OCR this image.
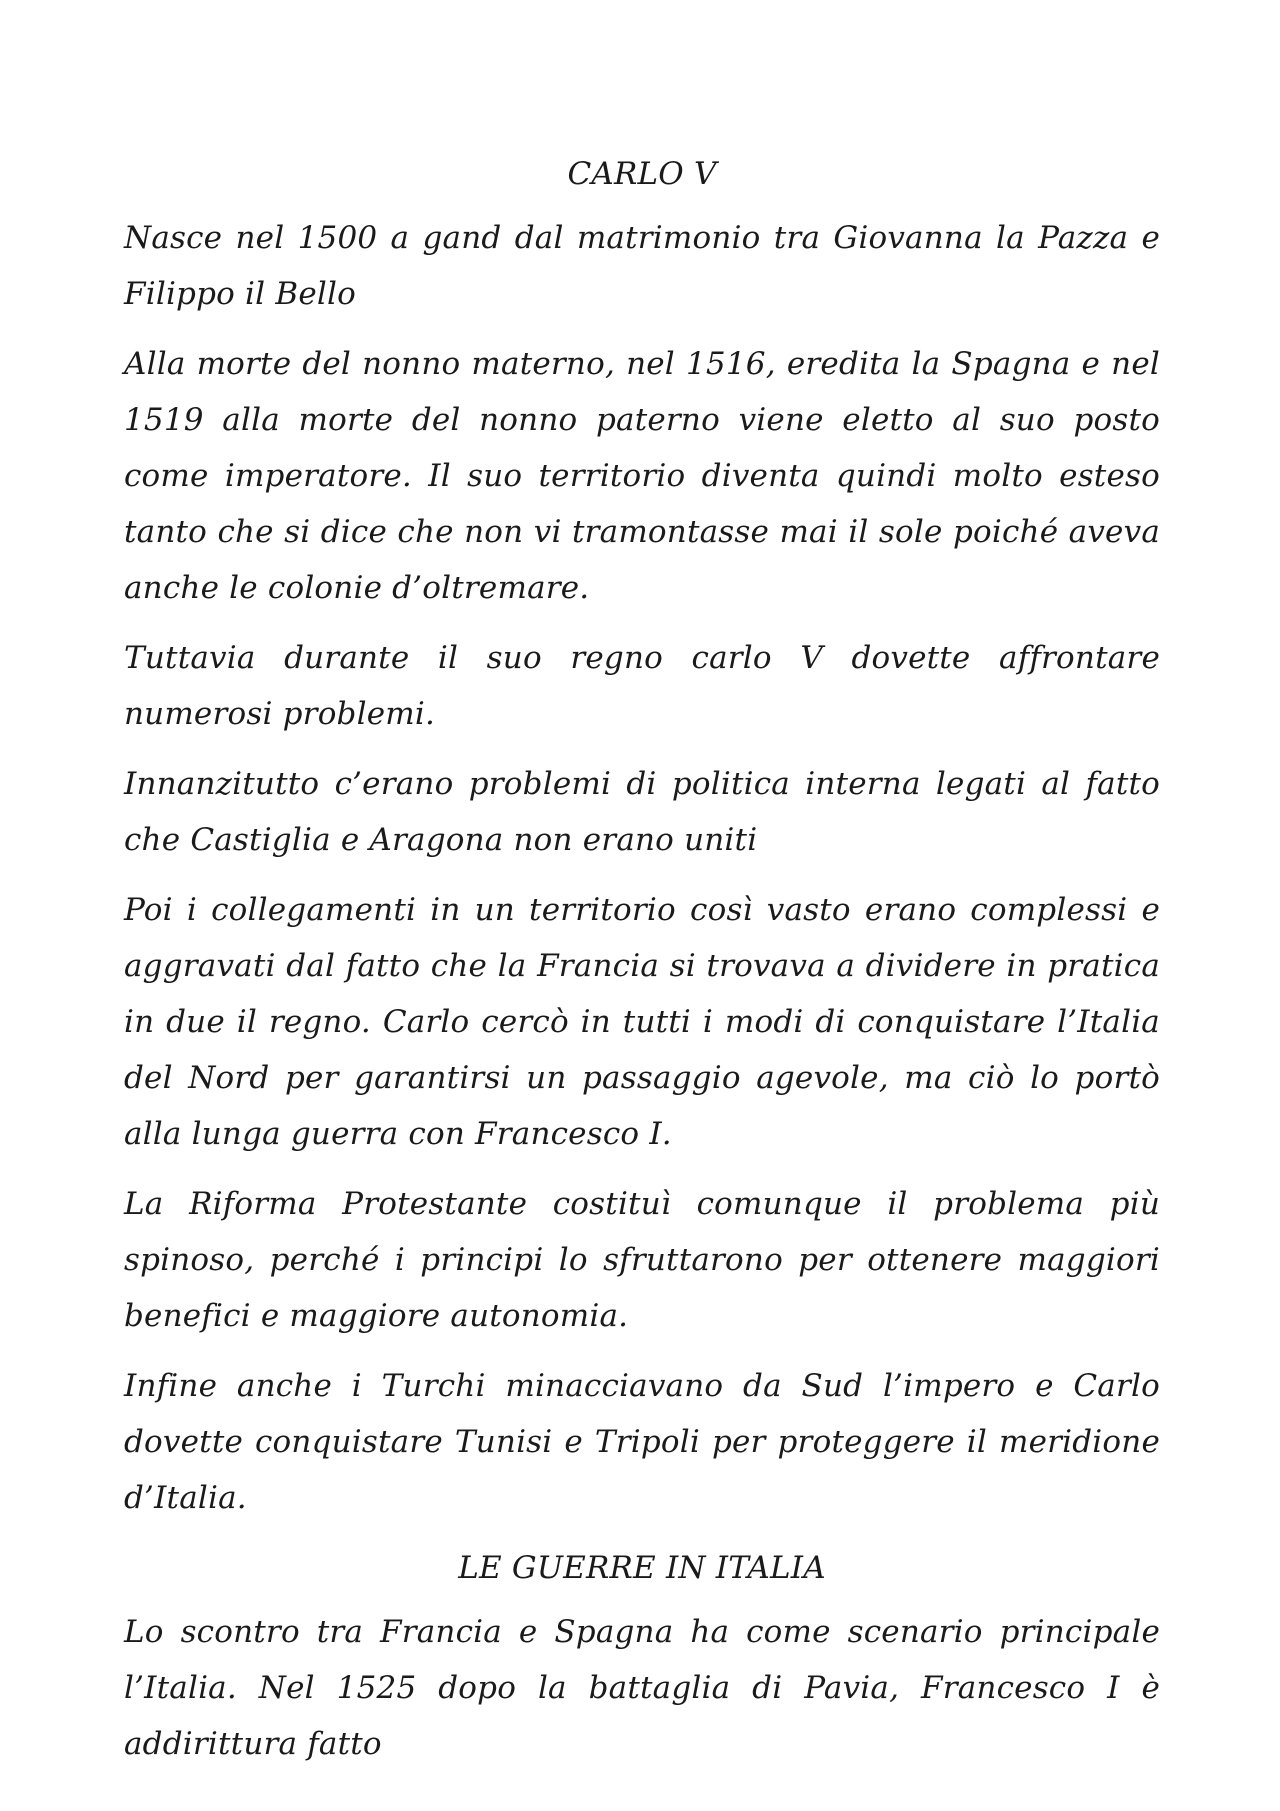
CARLO V

Nasce nel 1500 a gand dal matrimonio tra Giovanna la Pazza e Filippo il Bello

Alla morte del nonno materno, nel 1516, eredita la Spagna e nel 1519 alla morte del nonno paterno viene eletto al suo posto come imperatore. Il suo territorio diventa quindi molto esteso tanto che si dice che non vi tramontasse mai il sole poiché aveva anche le colonie d’oltremare.

Tuttavia durante il suo regno carlo V dovette affrontare numerosi problemi.

Innanzitutto c’erano problemi di politica interna legati al fatto che Castiglia e Aragona non erano uniti

Poi i collegamenti in un territorio così vasto erano complessi e aggravati dal fatto che la Francia si trovava a dividere in pratica in due il regno. Carlo cercò in tutti i modi di conquistare l’Italia del Nord per garantirsi un passaggio agevole, ma ciò lo portò alla lunga guerra con Francesco I.

La Riforma Protestante costituì comunque il problema più spinoso, perché i principi lo sfruttarono per ottenere maggiori benefici e maggiore autonomia.

Infine anche i Turchi minacciavano da Sud l’impero e Carlo dovette conquistare Tunisi e Tripoli per proteggere il meridione d’Italia.

LE GUERRE IN ITALIA

Lo scontro tra Francia e Spagna ha come scenario principale l’Italia. Nel 1525 dopo la battaglia di Pavia, Francesco I è addirittura fatto
